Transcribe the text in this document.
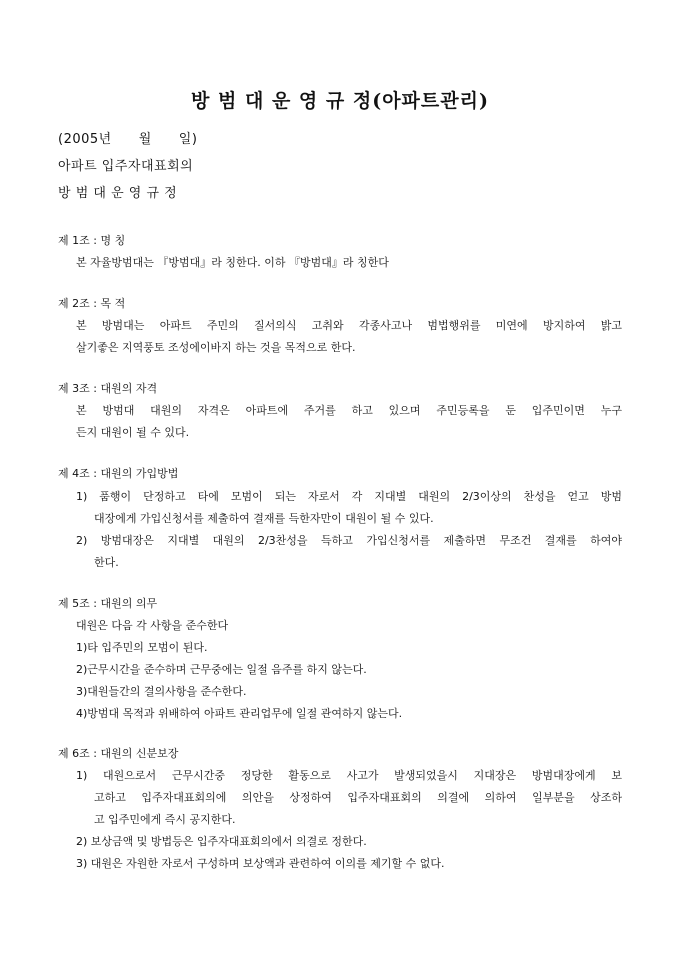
방 범 대 운 영 규 정(아파트관리)
(2005년　　월　　일)
아파트 입주자대표회의
방 범 대 운 영 규 정
제 1조 : 명 칭
본 자율방범대는 『방범대』라 칭한다. 이하 『방범대』라 칭한다
제 2조 : 목 적
본 방범대는 아파트 주민의 질서의식 고취와 각종사고나 범법행위를 미연에 방지하여 밝고
살기좋은 지역풍토 조성에이바지 하는 것을 목적으로 한다.
제 3조 : 대원의 자격
본 방범대 대원의 자격은 아파트에 주거를 하고 있으며 주민등록을 둔 입주민이면 누구
든지 대원이 될 수 있다.
제 4조 : 대원의 가입방법
1) 품행이 단정하고 타에 모범이 되는 자로서 각 지대별 대원의 2/3이상의 찬성을 얻고 방범
대장에게 가입신청서를 제출하여 결재를 득한자만이 대원이 될 수 있다.
2) 방범대장은 지대별 대원의 2/3찬성을 득하고 가입신청서를 제출하면 무조건 결재를 하여야
한다.
제 5조 : 대원의 의무
대원은 다음 각 사항을 준수한다
1)타 입주민의 모범이 된다.
2)근무시간을 준수하며 근무중에는 일절 음주를 하지 않는다.
3)대원들간의 결의사항을 준수한다.
4)방범대 목적과 위배하여 아파트 관리업무에 일절 관여하지 않는다.
제 6조 : 대원의 신분보장
1) 대원으로서 근무시간중 정당한 활동으로 사고가 발생되었을시 지대장은 방범대장에게 보
고하고 입주자대표회의에 의안을 상정하여 입주자대표회의 의결에 의하여 일부분을 상조하
고 입주민에게 즉시 공지한다.
2) 보상금액 및 방법등은 입주자대표회의에서 의결로 정한다.
3) 대원은 자원한 자로서 구성하며 보상액과 관련하여 이의를 제기할 수 없다.
